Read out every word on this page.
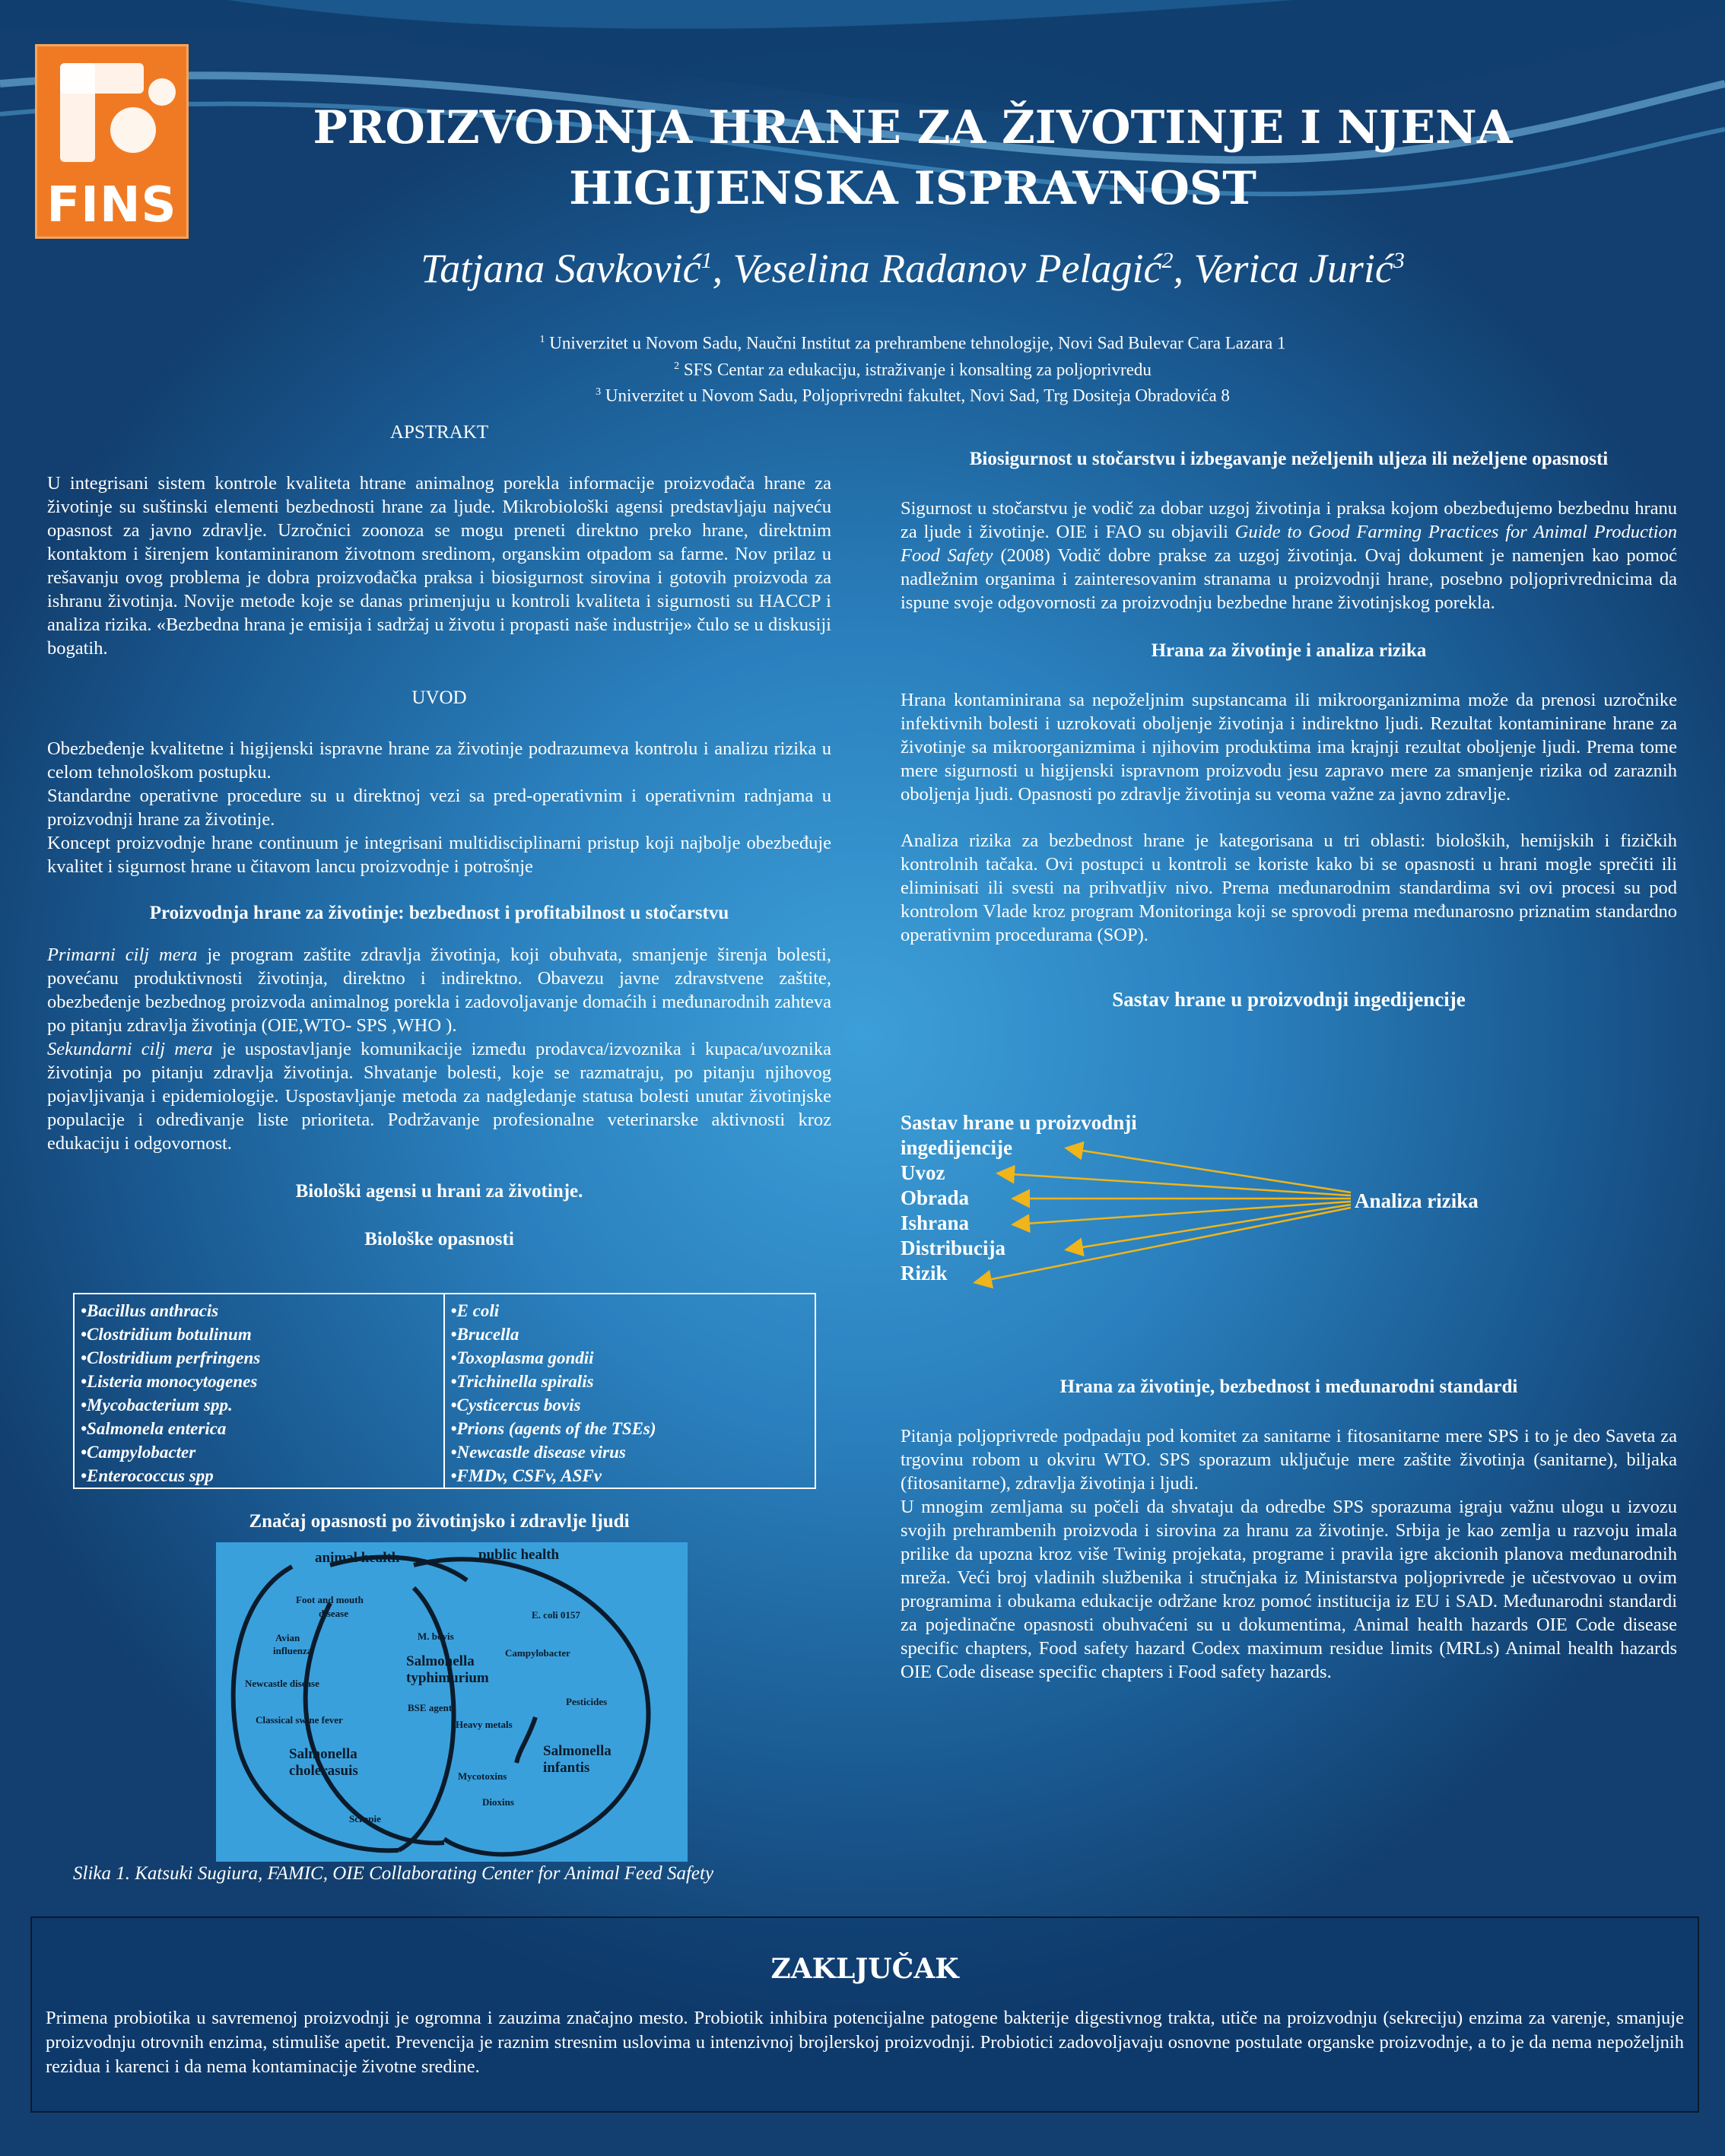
FINS
PROIZVODNJA HRANE ZA ŽIVOTINJE I NJENA
HIGIJENSKA ISPRAVNOST
Tatjana Savković$^1$, Veselina Radanov Pelagić$^2$, Verica Jurić$^3$
$^1$ Univerzitet u Novom Sadu, Naučni Institut za prehrambene tehnologije, Novi Sad Bulevar Cara Lazara 1
$^2$ SFS Centar za edukaciju, istraživanje i konsalting za poljoprivredu
$^3$ Univerzitet u Novom Sadu, Poljoprivredni fakultet, Novi Sad, Trg Dositeja Obradovića 8
APSTRAKT
U integrisani sistem kontrole kvaliteta htrane animalnog porekla informacije proizvođača hrane za životinje su suštinski elementi bezbednosti hrane za ljude. Mikrobiološki agensi predstavljaju najveću opasnost za javno zdravlje. Uzročnici zoonoza se mogu preneti direktno preko hrane, direktnim kontaktom i širenjem kontaminiranom životnom sredinom, organskim otpadom sa farme. Nov prilaz u rešavanju ovog problema je dobra proizvođačka praksa i biosigurnost sirovina i gotovih proizvoda za ishranu životinja. Novije metode koje se danas primenjuju u kontroli kvaliteta i sigurnosti su HACCP i analiza rizika. «Bezbedna hrana je emisija i sadržaj u životu i propasti naše industrije» čulo se u diskusiji bogatih.
UVOD
Obezbeđenje kvalitetne i higijenski ispravne hrane za životinje podrazumeva kontrolu i analizu rizika u celom tehnološkom postupku.
Standardne operativne procedure su u direktnoj vezi sa pred-operativnim i operativnim radnjama u proizvodnji hrane za životinje.
Koncept proizvodnje hrane continuum je integrisani multidisciplinarni pristup koji najbolje obezbeđuje kvalitet i sigurnost hrane u čitavom lancu proizvodnje i potrošnje
Proizvodnja hrane za životinje: bezbednost i profitabilnost u stočarstvu
Primarni cilj mera je program zaštite zdravlja životinja, koji obuhvata, smanjenje širenja bolesti, povećanu produktivnosti životinja, direktno i indirektno. Obavezu javne zdravstvene zaštite, obezbeđenje bezbednog proizvoda animalnog porekla i zadovoljavanje domaćih i međunarodnih zahteva po pitanju zdravlja životinja (OIE,WTO- SPS ,WHO ).
Sekundarni cilj mera je uspostavljanje komunikacije između prodavca/izvoznika i kupaca/uvoznika životinja po pitanju zdravlja životinja. Shvatanje bolesti, koje se razmatraju, po pitanju njihovog pojavljivanja i epidemiologije. Uspostavljanje metoda za nadgledanje statusa bolesti unutar životinjske populacije i određivanje liste prioriteta. Podržavanje profesionalne veterinarske aktivnosti kroz edukaciju i odgovornost.
Biološki agensi u hrani za životinje.
Biološke opasnosti
•Bacillus anthracis
•Clostridium botulinum
•Clostridium perfringens
•Listeria monocytogenes
•Mycobacterium spp.
•Salmonela enterica
•Campylobacter
•Enterococcus spp
•E coli
•Brucella
•Toxoplasma gondii
•Trichinella spiralis
•Cysticercus bovis
•Prions (agents of the TSEs)
•Newcastle disease virus
•FMDv, CSFv, ASFv
Značaj opasnosti po životinjsko i zdravlje ljudi
animal health	public health
Foot and mouth
disease
Avian
influenza
Newcastle disease
Classical swine fever
Salmonella
cholerasuis
M. bovis
Salmonella
typhimurium
BSE agent
Heavy metals
Mycotoxins
Dioxins
Scrapie
E. coli 0157
Campylobacter
Pesticides
Salmonella
infantis
Slika 1. Katsuki Sugiura, FAMIC, OIE Collaborating Center for Animal Feed Safety
Biosigurnost u stočarstvu i izbegavanje neželjenih uljeza ili neželjene opasnosti
Sigurnost u stočarstvu je vodič za dobar uzgoj životinja i praksa kojom obezbeđujemo bezbednu hranu za ljude i životinje. OIE i FAO su objavili Guide to Good Farming Practices for Animal Production Food Safety (2008) Vodič dobre prakse za uzgoj životinja. Ovaj dokument je namenjen kao pomoć nadležnim organima i zainteresovanim stranama u proizvodnji hrane, posebno poljoprivrednicima da ispune svoje odgovornosti za proizvodnju bezbedne hrane životinjskog porekla.
Hrana za životinje i analiza rizika
Hrana kontaminirana sa nepoželjnim supstancama ili mikroorganizmima može da prenosi uzročnike infektivnih bolesti i uzrokovati oboljenje životinja i indirektno ljudi. Rezultat kontaminirane hrane za životinje sa mikroorganizmima i njihovim produktima ima krajnji rezultat oboljenje ljudi. Prema tome mere sigurnosti u higijenski ispravnom proizvodu jesu zapravo mere za smanjenje rizika od zaraznih oboljenja ljudi. Opasnosti po zdravlje životinja su veoma važne za javno zdravlje.
Analiza rizika za bezbednost hrane je kategorisana u tri oblasti: bioloških, hemijskih i fizičkih kontrolnih tačaka. Ovi postupci u kontroli se koriste kako bi se opasnosti u hrani mogle sprečiti ili eliminisati ili svesti na prihvatljiv nivo. Prema međunarodnim standardima svi ovi procesi su pod kontrolom Vlade kroz program Monitoringa koji se sprovodi prema međunarosno priznatim standardno operativnim procedurama (SOP).
Sastav hrane u proizvodnji ingedijencije
Sastav hrane u proizvodnji
ingedijencije
Uvoz
Obrada
Ishrana
Distribucija
Rizik
Analiza rizika
Hrana za životinje, bezbednost i međunarodni standardi
Pitanja poljoprivrede podpadaju pod komitet za sanitarne i fitosanitarne mere SPS i to je deo Saveta za trgovinu robom u okviru WTO. SPS sporazum uključuje mere zaštite životinja (sanitarne), biljaka (fitosanitarne), zdravlja životinja i ljudi.
U mnogim zemljama su počeli da shvataju da odredbe SPS sporazuma igraju važnu ulogu u izvozu svojih prehrambenih proizvoda i sirovina za hranu za životinje. Srbija je kao zemlja u razvoju imala prilike da upozna kroz više Twinig projekata, programe i pravila igre akcionih planova međunarodnih mreža. Veći broj vladinih službenika i stručnjaka iz Ministarstva poljoprivrede je učestvovao u ovim programima i obukama edukacije održane kroz pomoć institucija iz EU i SAD. Međunarodni standardi za pojedinačne opasnosti obuhvaćeni su u dokumentima, Animal health hazards OIE Code disease specific chapters, Food safety hazard Codex maximum residue limits (MRLs) Animal health hazards OIE Code disease specific chapters i Food safety hazards.
ZAKLJUČAK
Primena probiotika u savremenoj proizvodnji je ogromna i zauzima značajno mesto. Probiotik inhibira potencijalne patogene bakterije digestivnog trakta, utiče na proizvodnju (sekreciju) enzima za varenje, smanjuje proizvodnju otrovnih enzima, stimuliše apetit. Prevencija je raznim stresnim uslovima u intenzivnoj brojlerskoj proizvodnji. Probiotici zadovoljavaju osnovne postulate organske proizvodnje, a to je da nema nepoželjnih rezidua i karenci i da nema kontaminacije životne sredine.
